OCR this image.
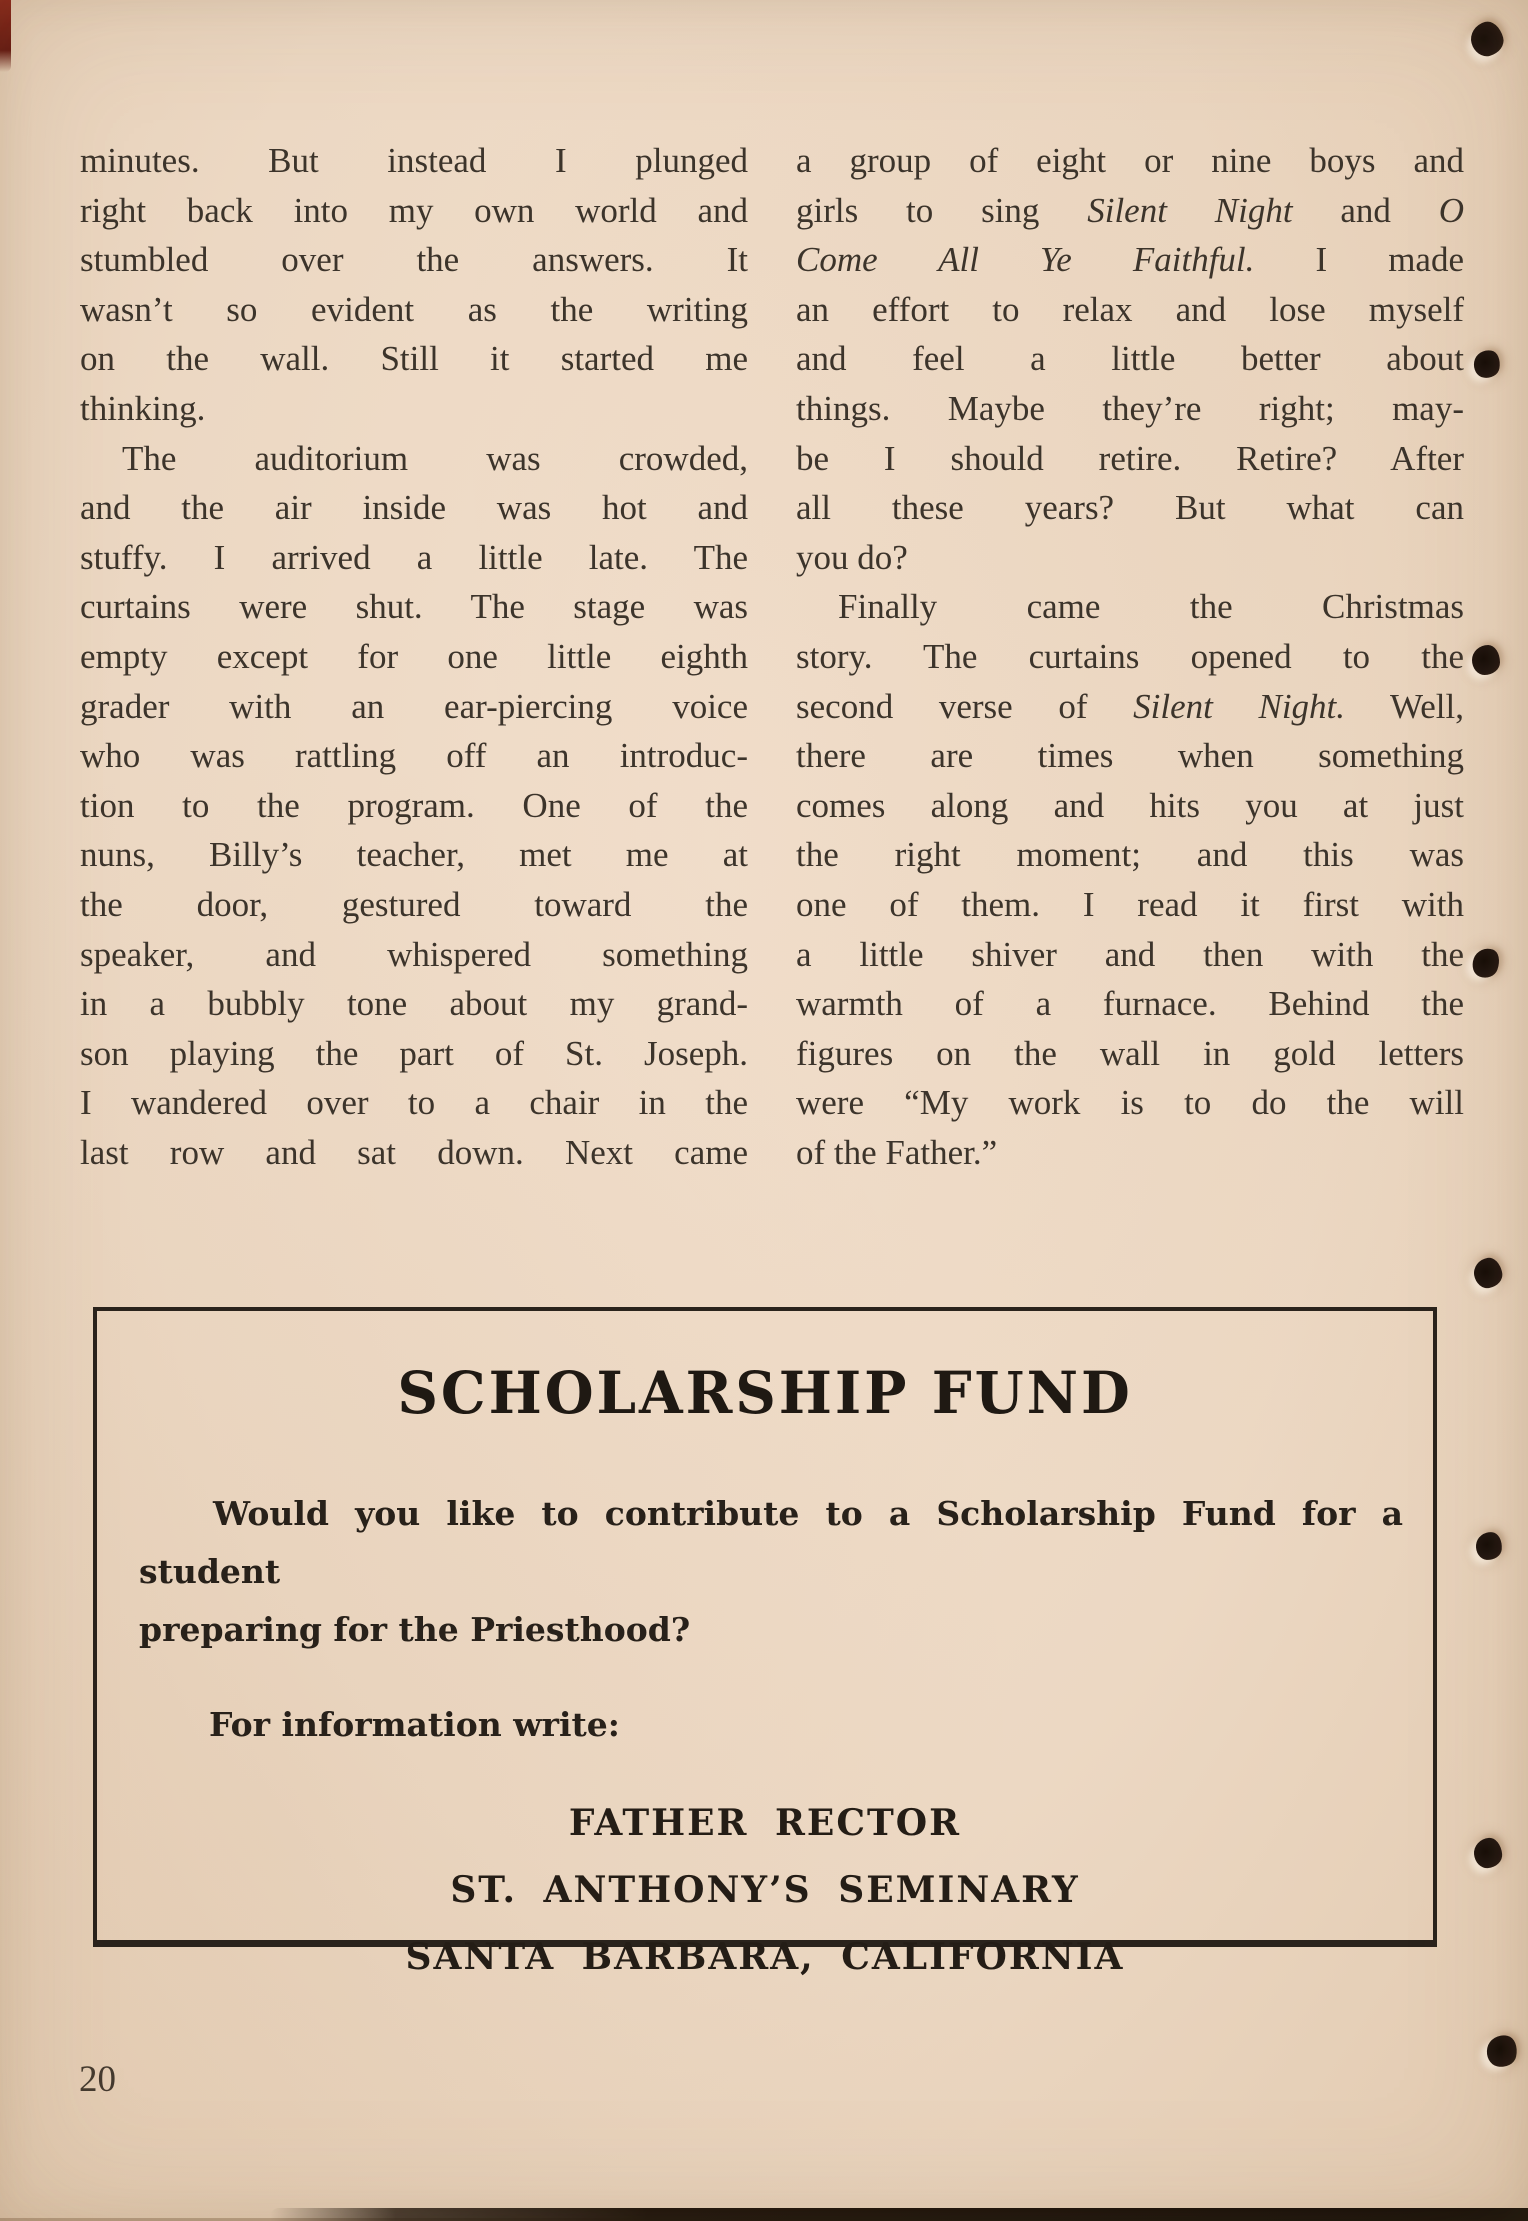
minutes. But instead I plunged
right back into my own world and
stumbled over the answers. It
wasn’t so evident as the writing
on the wall. Still it started me
thinking.
The auditorium was crowded,
and the air inside was hot and
stuffy. I arrived a little late. The
curtains were shut. The stage was
empty except for one little eighth
grader with an ear-piercing voice
who was rattling off an introduc-
tion to the program. One of the
nuns, Billy’s teacher, met me at
the door, gestured toward the
speaker, and whispered something
in a bubbly tone about my grand-
son playing the part of St. Joseph.
I wandered over to a chair in the
last row and sat down. Next came
a group of eight or nine boys and
girls to sing Silent Night and O
Come All Ye Faithful. I made
an effort to relax and lose myself
and feel a little better about
things. Maybe they’re right; may-
be I should retire. Retire? After
all these years? But what can
you do?
Finally came the Christmas
story. The curtains opened to the
second verse of Silent Night. Well,
there are times when something
comes along and hits you at just
the right moment; and this was
one of them. I read it first with
a little shiver and then with the
warmth of a furnace. Behind the
figures on the wall in gold letters
were “My work is to do the will
of the Father.”
SCHOLARSHIP FUND
Would you like to contribute to a Scholarship Fund for a student
preparing for the Priesthood?
For information write:
FATHER RECTOR
ST. ANTHONY’S SEMINARY
SANTA BARBARA, CALIFORNIA
20
